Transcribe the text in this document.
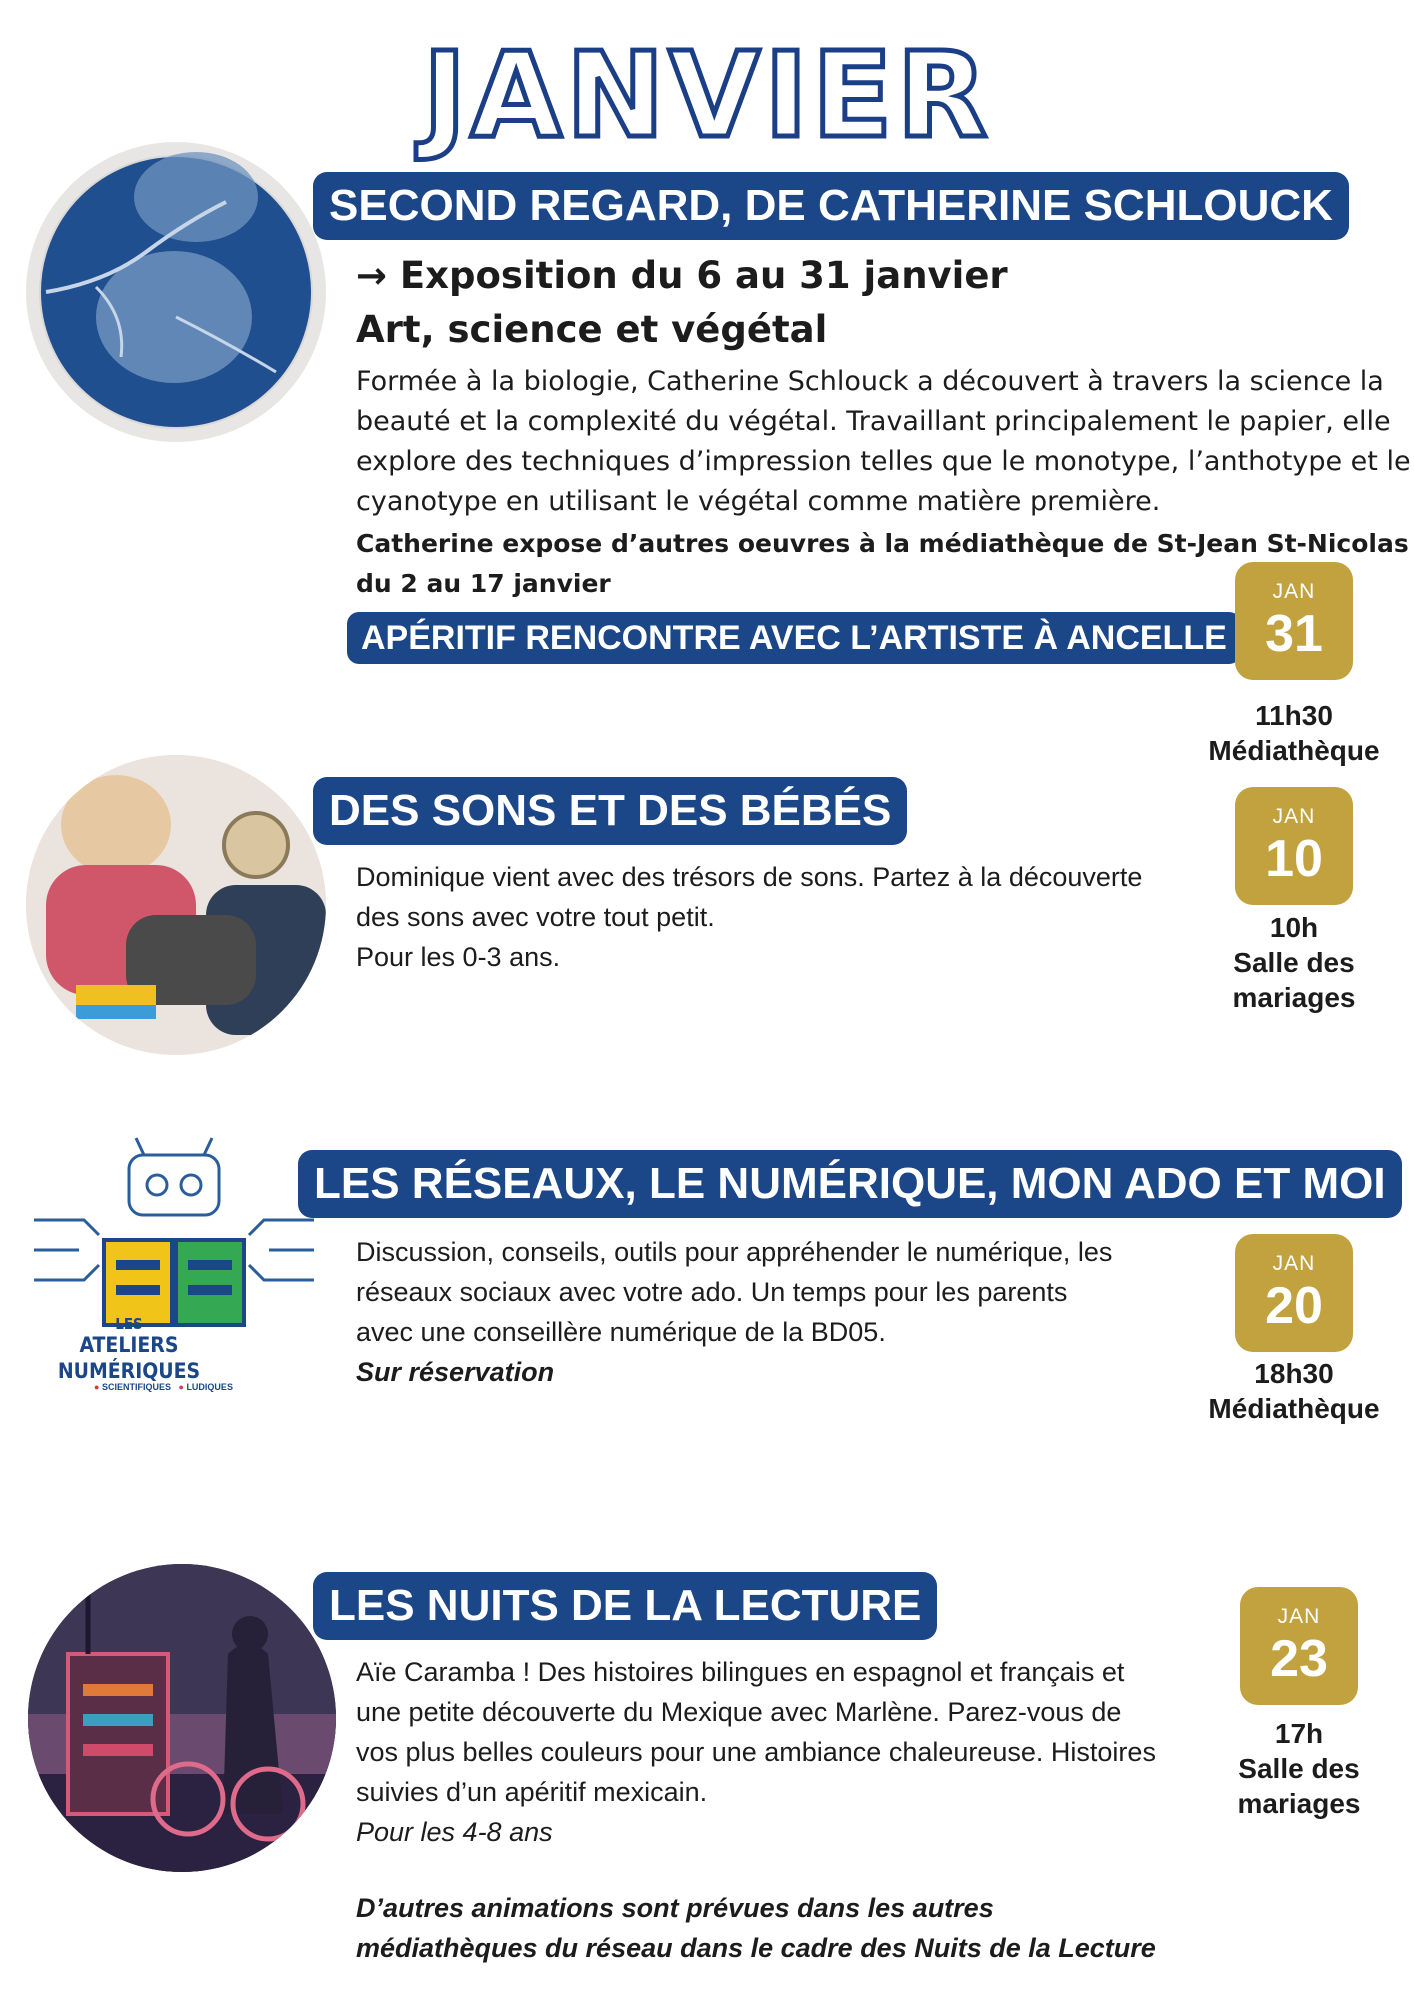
JANVIER
SECOND REGARD, DE CATHERINE SCHLOUCK
→ Exposition du 6 au 31 janvier
Art, science et végétal
Formée à la biologie, Catherine Schlouck a découvert à travers la science la
beauté et la complexité du végétal. Travaillant principalement le papier, elle
explore des techniques d’impression telles que le monotype, l’anthotype et le
cyanotype en utilisant le végétal comme matière première.
Catherine expose d’autres oeuvres à la médiathèque de St-Jean St-Nicolas
du 2 au 17 janvier
APÉRITIF RENCONTRE AVEC L’ARTISTE À ANCELLE
JAN
31
11h30
Médiathèque
DES SONS ET DES BÉBÉS
Dominique vient avec des trésors de sons. Partez à la découverte
des sons avec votre tout petit.
Pour les 0-3 ans.
JAN
10
10h
Salle des
mariages
LES
ATELIERS NUMÉRIQUES
● SCIENTIFIQUES ● LUDIQUES
LES RÉSEAUX, LE NUMÉRIQUE, MON ADO ET MOI
Discussion, conseils, outils pour appréhender le numérique, les
réseaux sociaux avec votre ado. Un temps pour les parents
avec une conseillère numérique de la BD05.
Sur réservation
JAN
20
18h30
Médiathèque
LES NUITS DE LA LECTURE
Aïe Caramba ! Des histoires bilingues en espagnol et français et
une petite découverte du Mexique avec Marlène. Parez-vous de
vos plus belles couleurs pour une ambiance chaleureuse. Histoires
suivies d’un apéritif mexicain.
Pour les 4-8 ans
D’autres animations sont prévues dans les autres
médiathèques du réseau dans le cadre des Nuits de la Lecture
JAN
23
17h
Salle des
mariages
